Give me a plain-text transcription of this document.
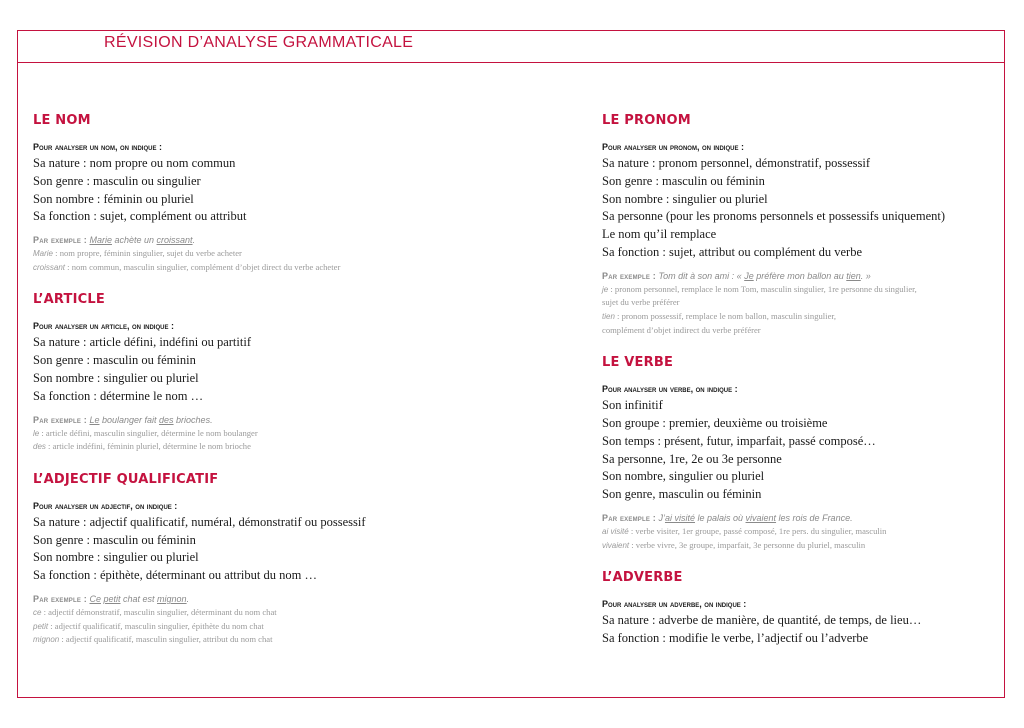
RÉVISION D’ANALYSE GRAMMATICALE
LE NOM
Pour analyser un nom, on indique :
Sa nature : nom propre ou nom commun
Son genre : masculin ou singulier
Son nombre : féminin ou pluriel
Sa fonction : sujet, complément ou attribut
Par exemple : Marie achète un croissant.
Marie : nom propre, féminin singulier, sujet du verbe acheter
croissant : nom commun, masculin singulier, complément d’objet direct du verbe acheter
L’ARTICLE
Pour analyser un article, on indique :
Sa nature : article défini, indéfini ou partitif
Son genre : masculin ou féminin
Son nombre : singulier ou pluriel
Sa fonction : détermine le nom …
Par exemple : Le boulanger fait des brioches.
le : article défini, masculin singulier, détermine le nom boulanger
des : article indéfini, féminin pluriel, détermine le nom brioche
L’ADJECTIF QUALIFICATIF
Pour analyser un adjectif, on indique :
Sa nature : adjectif qualificatif, numéral, démonstratif ou possessif
Son genre : masculin ou féminin
Son nombre : singulier ou pluriel
Sa fonction : épithète, déterminant ou attribut du nom …
Par exemple : Ce petit chat est mignon.
ce : adjectif démonstratif, masculin singulier, déterminant du nom chat
petit : adjectif qualificatif, masculin singulier, épithète du nom chat
mignon : adjectif qualificatif, masculin singulier, attribut du nom chat
LE PRONOM
Pour analyser un pronom, on indique :
Sa nature : pronom personnel, démonstratif, possessif
Son genre : masculin ou féminin
Son nombre : singulier ou pluriel
Sa personne (pour les pronoms personnels et possessifs uniquement)
Le nom qu’il remplace
Sa fonction : sujet, attribut ou complément du verbe
Par exemple : Tom dit à son ami : « Je préfère mon ballon au tien. »
je : pronom personnel, remplace le nom Tom, masculin singulier, 1re personne du singulier,
sujet du verbe préférer
tien : pronom possessif, remplace le nom ballon, masculin singulier,
complément d’objet indirect du verbe préférer
LE VERBE
Pour analyser un verbe, on indique :
Son infinitif
Son groupe : premier, deuxième ou troisième
Son temps : présent, futur, imparfait, passé composé…
Sa personne, 1re, 2e ou 3e personne
Son nombre, singulier ou pluriel
Son genre, masculin ou féminin
Par exemple : J’ai visité le palais où vivaient les rois de France.
ai visité : verbe visiter, 1er groupe, passé composé, 1re pers. du singulier, masculin
vivaient : verbe vivre, 3e groupe, imparfait, 3e personne du pluriel, masculin
L’ADVERBE
Pour analyser un adverbe, on indique :
Sa nature : adverbe de manière, de quantité, de temps, de lieu…
Sa fonction : modifie le verbe, l’adjectif ou l’adverbe
